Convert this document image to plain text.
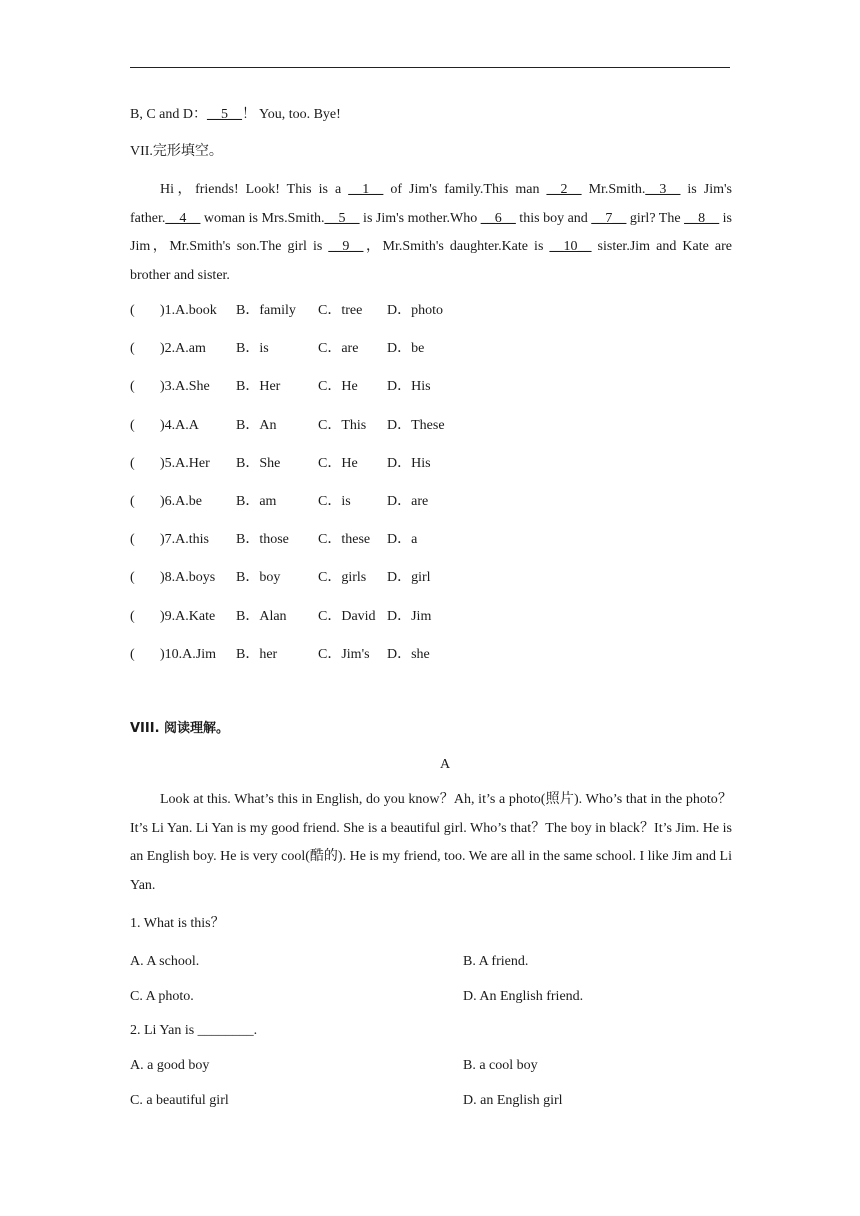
B, C and D：__5__！ You, too. Bye!
VII.完形填空。
Hi，friends! Look! This is a __1__ of Jim's family.This man __2__ Mr.Smith.__3__ is Jim's father.__4__ woman is Mrs.Smith.__5__ is Jim's mother.Who __6__ this boy and __7__ girl? The __8__ is Jim，Mr.Smith's son.The girl is __9__，Mr.Smith's daughter.Kate is __10__ sister.Jim and Kate are brother and sister.
( )1.A.book B．family C．tree D．photo
( )2.A.am B．is	C．are D．be
( )3.A.She B．Her	C．He D．His
( )4.A.A	B．An	C．This D．These
( )5.A.Her B．She	C．He D．His
( )6.A.be B．am	C．is	D．are
( )7.A.this B．those C．these D．a
( )8.A.boys B．boy	C．girls D．girl
( )9.A.Kate B．Alan C．David D．Jim
( )10.A.Jim B．her	C．Jim's D．she
VIII. 阅读理解。
A
Look at this. What’s this in English, do you know？Ah, it’s a photo(照片). Who’s that in the photo？It’s Li Yan. Li Yan is my good friend. She is a beautiful girl. Who’s that？The boy in black？It’s Jim. He is an English boy. He is very cool(酷的). He is my friend, too. We are all in the same school. I like Jim and Li Yan.
1. What is this？
A. A school.	B. A friend.
C. A photo.	D. An English friend.
2. Li Yan is ________.
A. a good boy	B. a cool boy
C. a beautiful girl	D. an English girl
